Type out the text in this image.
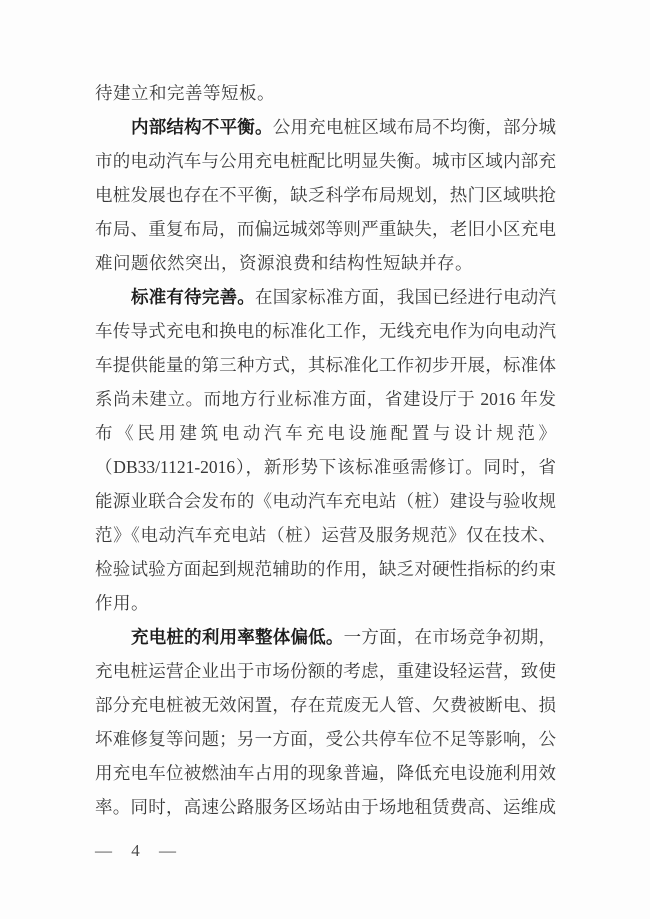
待建立和完善等短板。
内部结构不平衡。公用充电桩区域布局不均衡，部分城
市的电动汽车与公用充电桩配比明显失衡。城市区域内部充
电桩发展也存在不平衡，缺乏科学布局规划，热门区域哄抢
布局、重复布局，而偏远城郊等则严重缺失，老旧小区充电
难问题依然突出，资源浪费和结构性短缺并存。
标准有待完善。在国家标准方面，我国已经进行电动汽
车传导式充电和换电的标准化工作，无线充电作为向电动汽
车提供能量的第三种方式，其标准化工作初步开展，标准体
系尚未建立。而地方行业标准方面，省建设厅于 2016 年发
布《民用建筑电动汽车充电设施配置与设计规范》
（DB33/1121-2016），新形势下该标准亟需修订。同时，省
能源业联合会发布的《电动汽车充电站（桩）建设与验收规
范》《电动汽车充电站（桩）运营及服务规范》仅在技术、
检验试验方面起到规范辅助的作用，缺乏对硬性指标的约束
作用。
充电桩的利用率整体偏低。一方面，在市场竞争初期，
充电桩运营企业出于市场份额的考虑，重建设轻运营，致使
部分充电桩被无效闲置，存在荒废无人管、欠费被断电、损
坏难修复等问题；另一方面，受公共停车位不足等影响，公
用充电车位被燃油车占用的现象普遍，降低充电设施利用效
率。同时，高速公路服务区场站由于场地租赁费高、运维成
— 4 —
